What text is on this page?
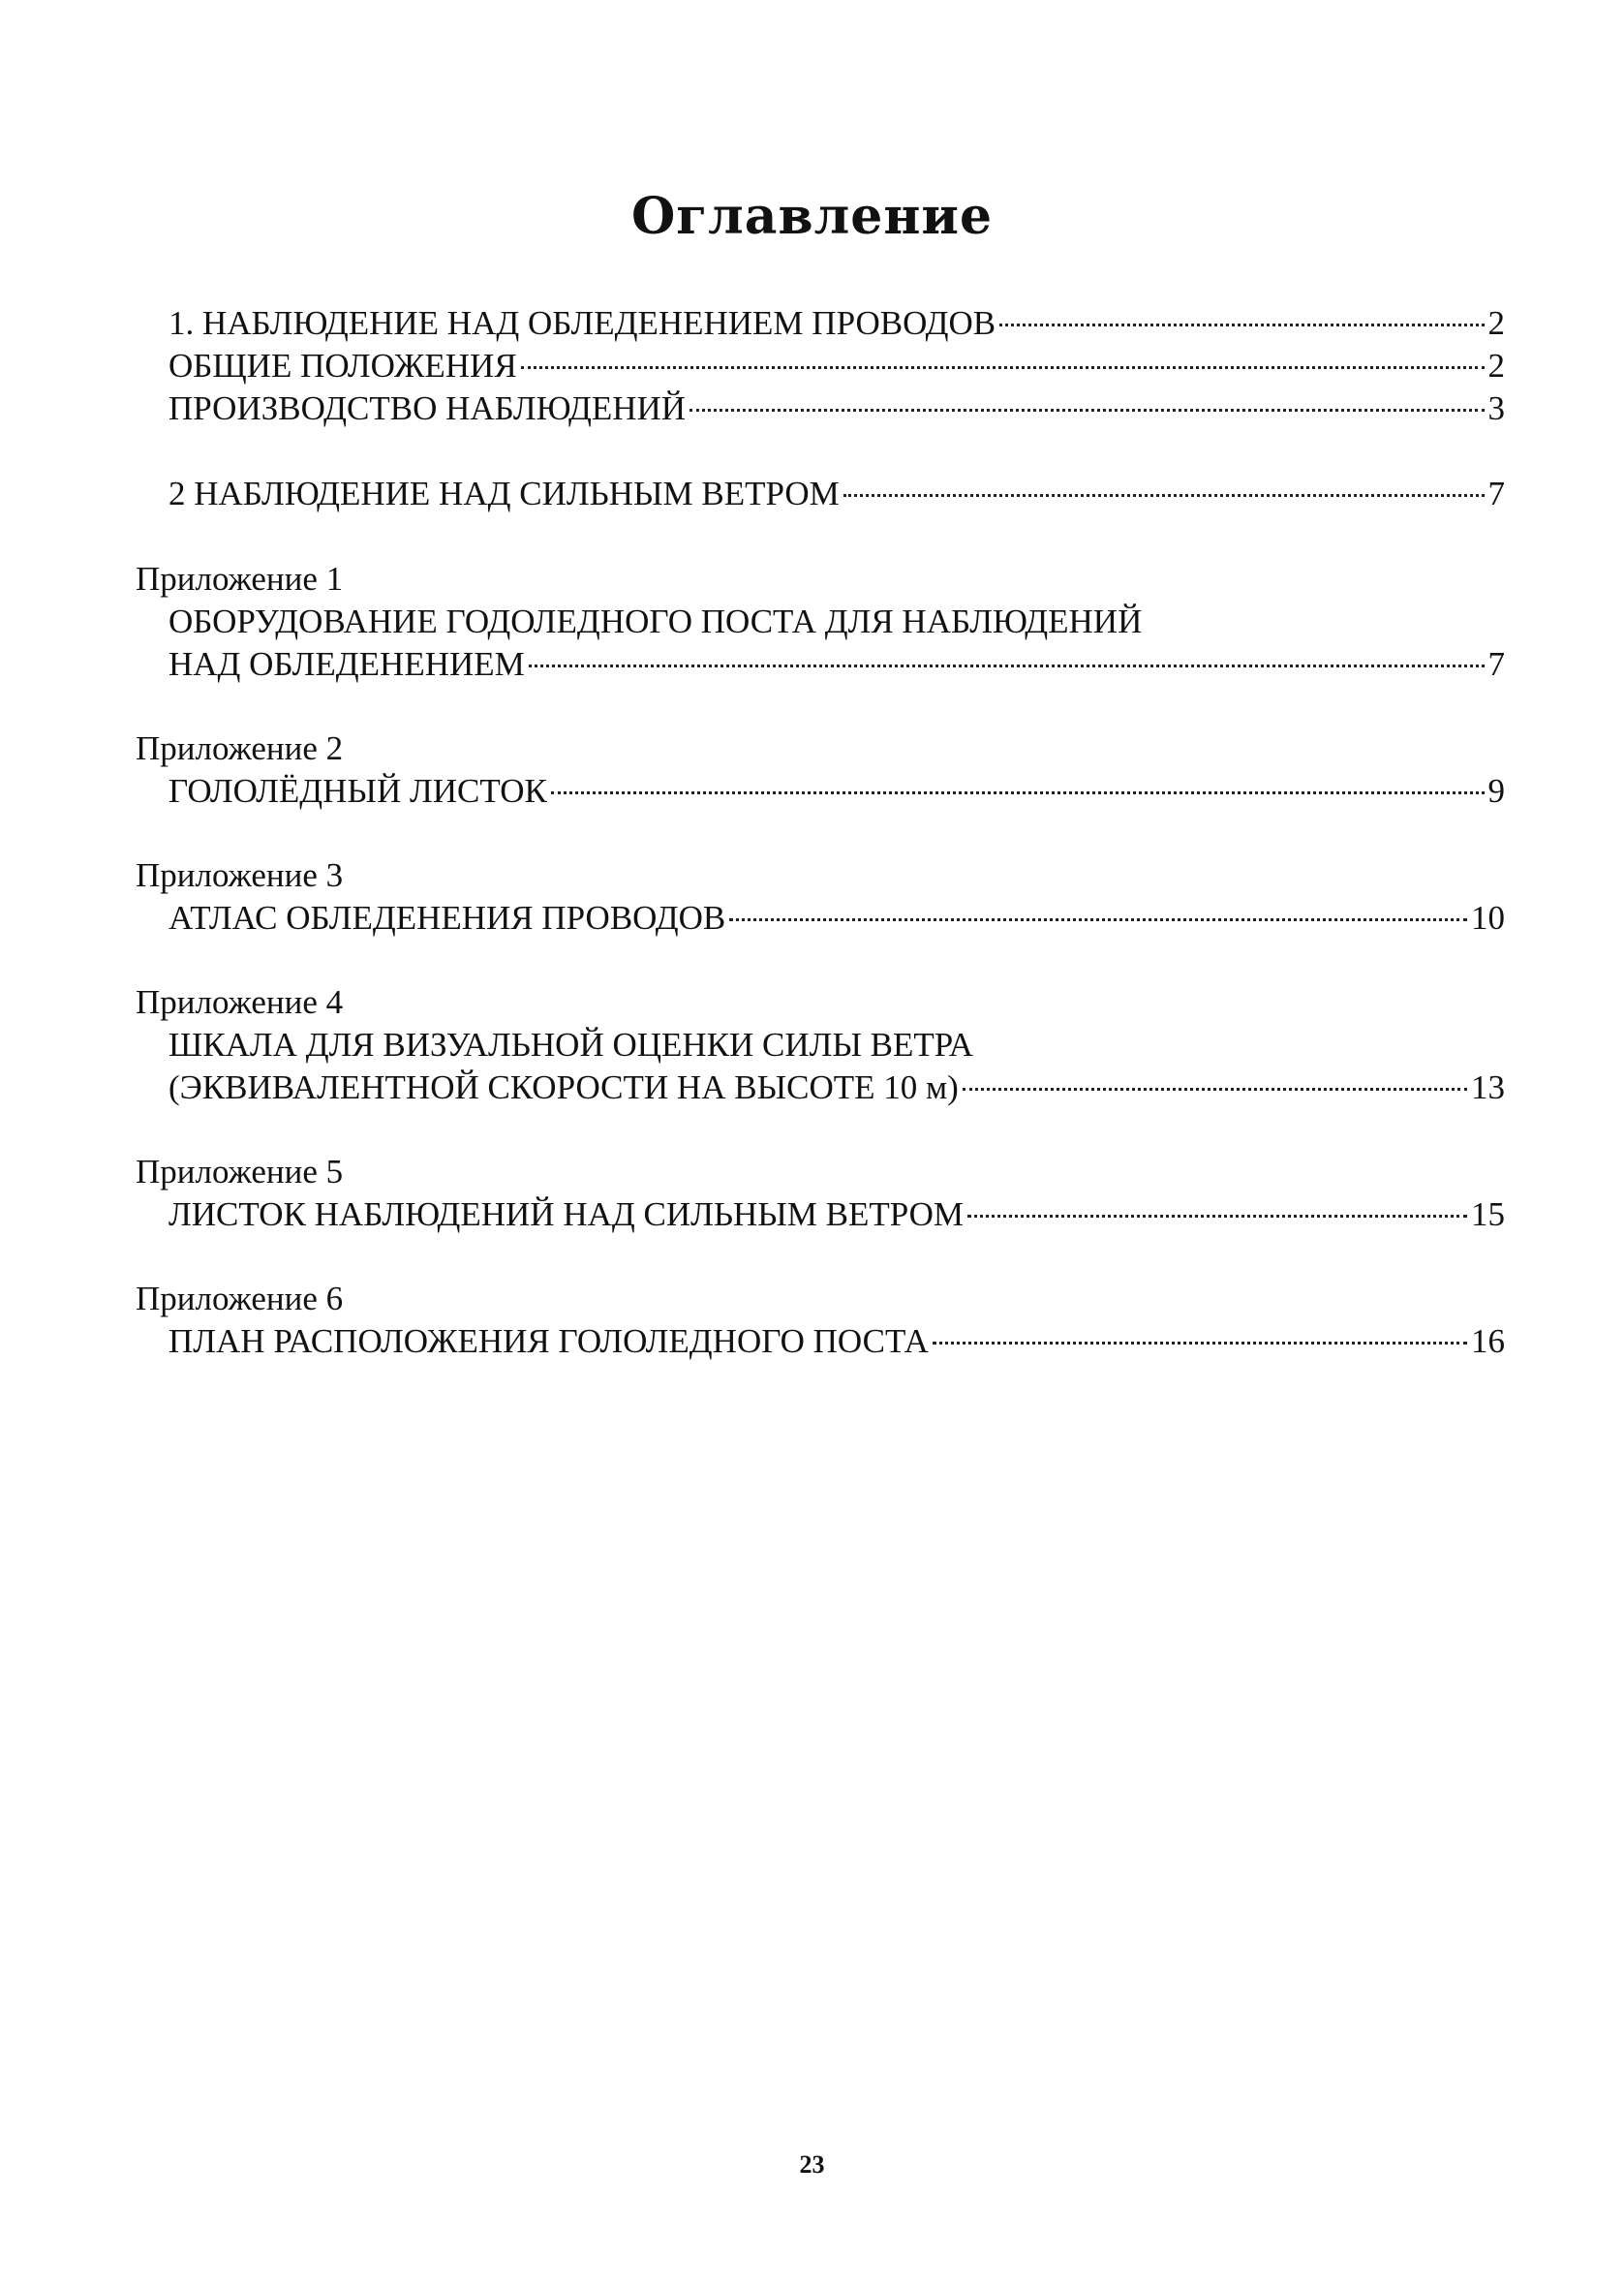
Оглавление
1. НАБЛЮДЕНИЕ НАД ОБЛЕДЕНЕНИЕМ ПРОВОДОВ	2
ОБЩИЕ ПОЛОЖЕНИЯ	2
ПРОИЗВОДСТВО НАБЛЮДЕНИЙ	3
2 НАБЛЮДЕНИЕ НАД СИЛЬНЫМ ВЕТРОМ	7
Приложение 1
ОБОРУДОВАНИЕ ГОДОЛЕДНОГО ПОСТА ДЛЯ НАБЛЮДЕНИЙ
НАД ОБЛЕДЕНЕНИЕМ	7
Приложение 2
ГОЛОЛЁДНЫЙ ЛИСТОК	9
Приложение 3
АТЛАС ОБЛЕДЕНЕНИЯ ПРОВОДОВ	10
Приложение 4
ШКАЛА ДЛЯ ВИЗУАЛЬНОЙ ОЦЕНКИ СИЛЫ ВЕТРА
(ЭКВИВАЛЕНТНОЙ СКОРОСТИ НА ВЫСОТЕ 10 м)	13
Приложение 5
ЛИСТОК НАБЛЮДЕНИЙ НАД СИЛЬНЫМ ВЕТРОМ	15
Приложение 6
ПЛАН РАСПОЛОЖЕНИЯ ГОЛОЛЕДНОГО ПОСТА	16
23
